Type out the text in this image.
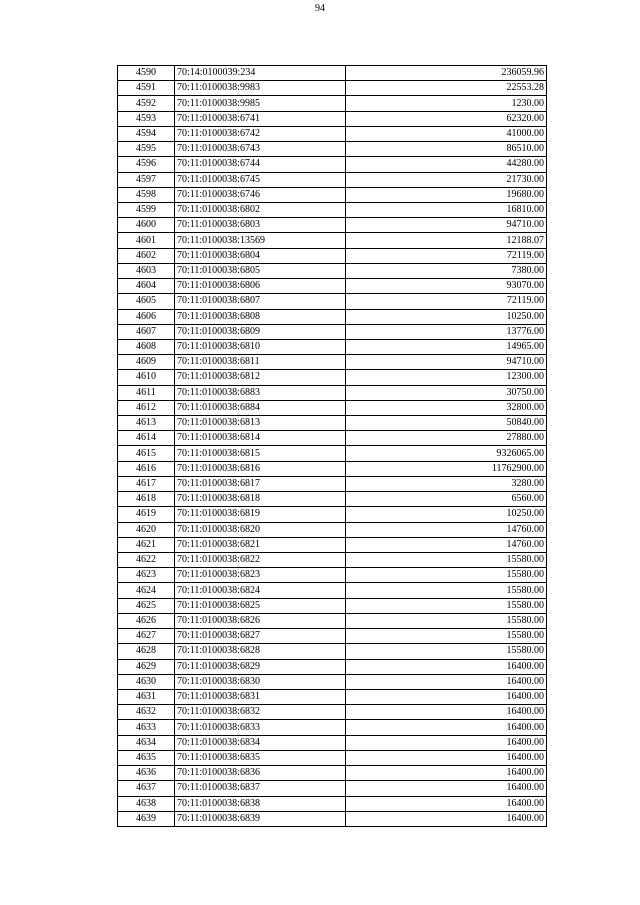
94
4590	70:14:0100039:234	236059.96
4591	70:11:0100038:9983	22553.28
4592	70:11:0100038:9985	1230.00
4593	70:11:0100038:6741	62320.00
4594	70:11:0100038:6742	41000.00
4595	70:11:0100038:6743	86510.00
4596	70:11:0100038:6744	44280.00
4597	70:11:0100038:6745	21730.00
4598	70:11:0100038:6746	19680.00
4599	70:11:0100038:6802	16810.00
4600	70:11:0100038:6803	94710.00
4601	70:11:0100038:13569	12188.07
4602	70:11:0100038:6804	72119.00
4603	70:11:0100038:6805	7380.00
4604	70:11:0100038:6806	93070.00
4605	70:11:0100038:6807	72119.00
4606	70:11:0100038:6808	10250.00
4607	70:11:0100038:6809	13776.00
4608	70:11:0100038:6810	14965.00
4609	70:11:0100038:6811	94710.00
4610	70:11:0100038:6812	12300.00
4611	70:11:0100038:6883	30750.00
4612	70:11:0100038:6884	32800.00
4613	70:11:0100038:6813	50840.00
4614	70:11:0100038:6814	27880.00
4615	70:11:0100038:6815	9326065.00
4616	70:11:0100038:6816	11762900.00
4617	70:11:0100038:6817	3280.00
4618	70:11:0100038:6818	6560.00
4619	70:11:0100038:6819	10250.00
4620	70:11:0100038:6820	14760.00
4621	70:11:0100038:6821	14760.00
4622	70:11:0100038:6822	15580.00
4623	70:11:0100038:6823	15580.00
4624	70:11:0100038:6824	15580.00
4625	70:11:0100038:6825	15580.00
4626	70:11:0100038:6826	15580.00
4627	70:11:0100038:6827	15580.00
4628	70:11:0100038:6828	15580.00
4629	70:11:0100038:6829	16400.00
4630	70:11:0100038:6830	16400.00
4631	70:11:0100038:6831	16400.00
4632	70:11:0100038:6832	16400.00
4633	70:11:0100038:6833	16400.00
4634	70:11:0100038:6834	16400.00
4635	70:11:0100038:6835	16400.00
4636	70:11:0100038:6836	16400.00
4637	70:11:0100038:6837	16400.00
4638	70:11:0100038:6838	16400.00
4639	70:11:0100038:6839	16400.00
